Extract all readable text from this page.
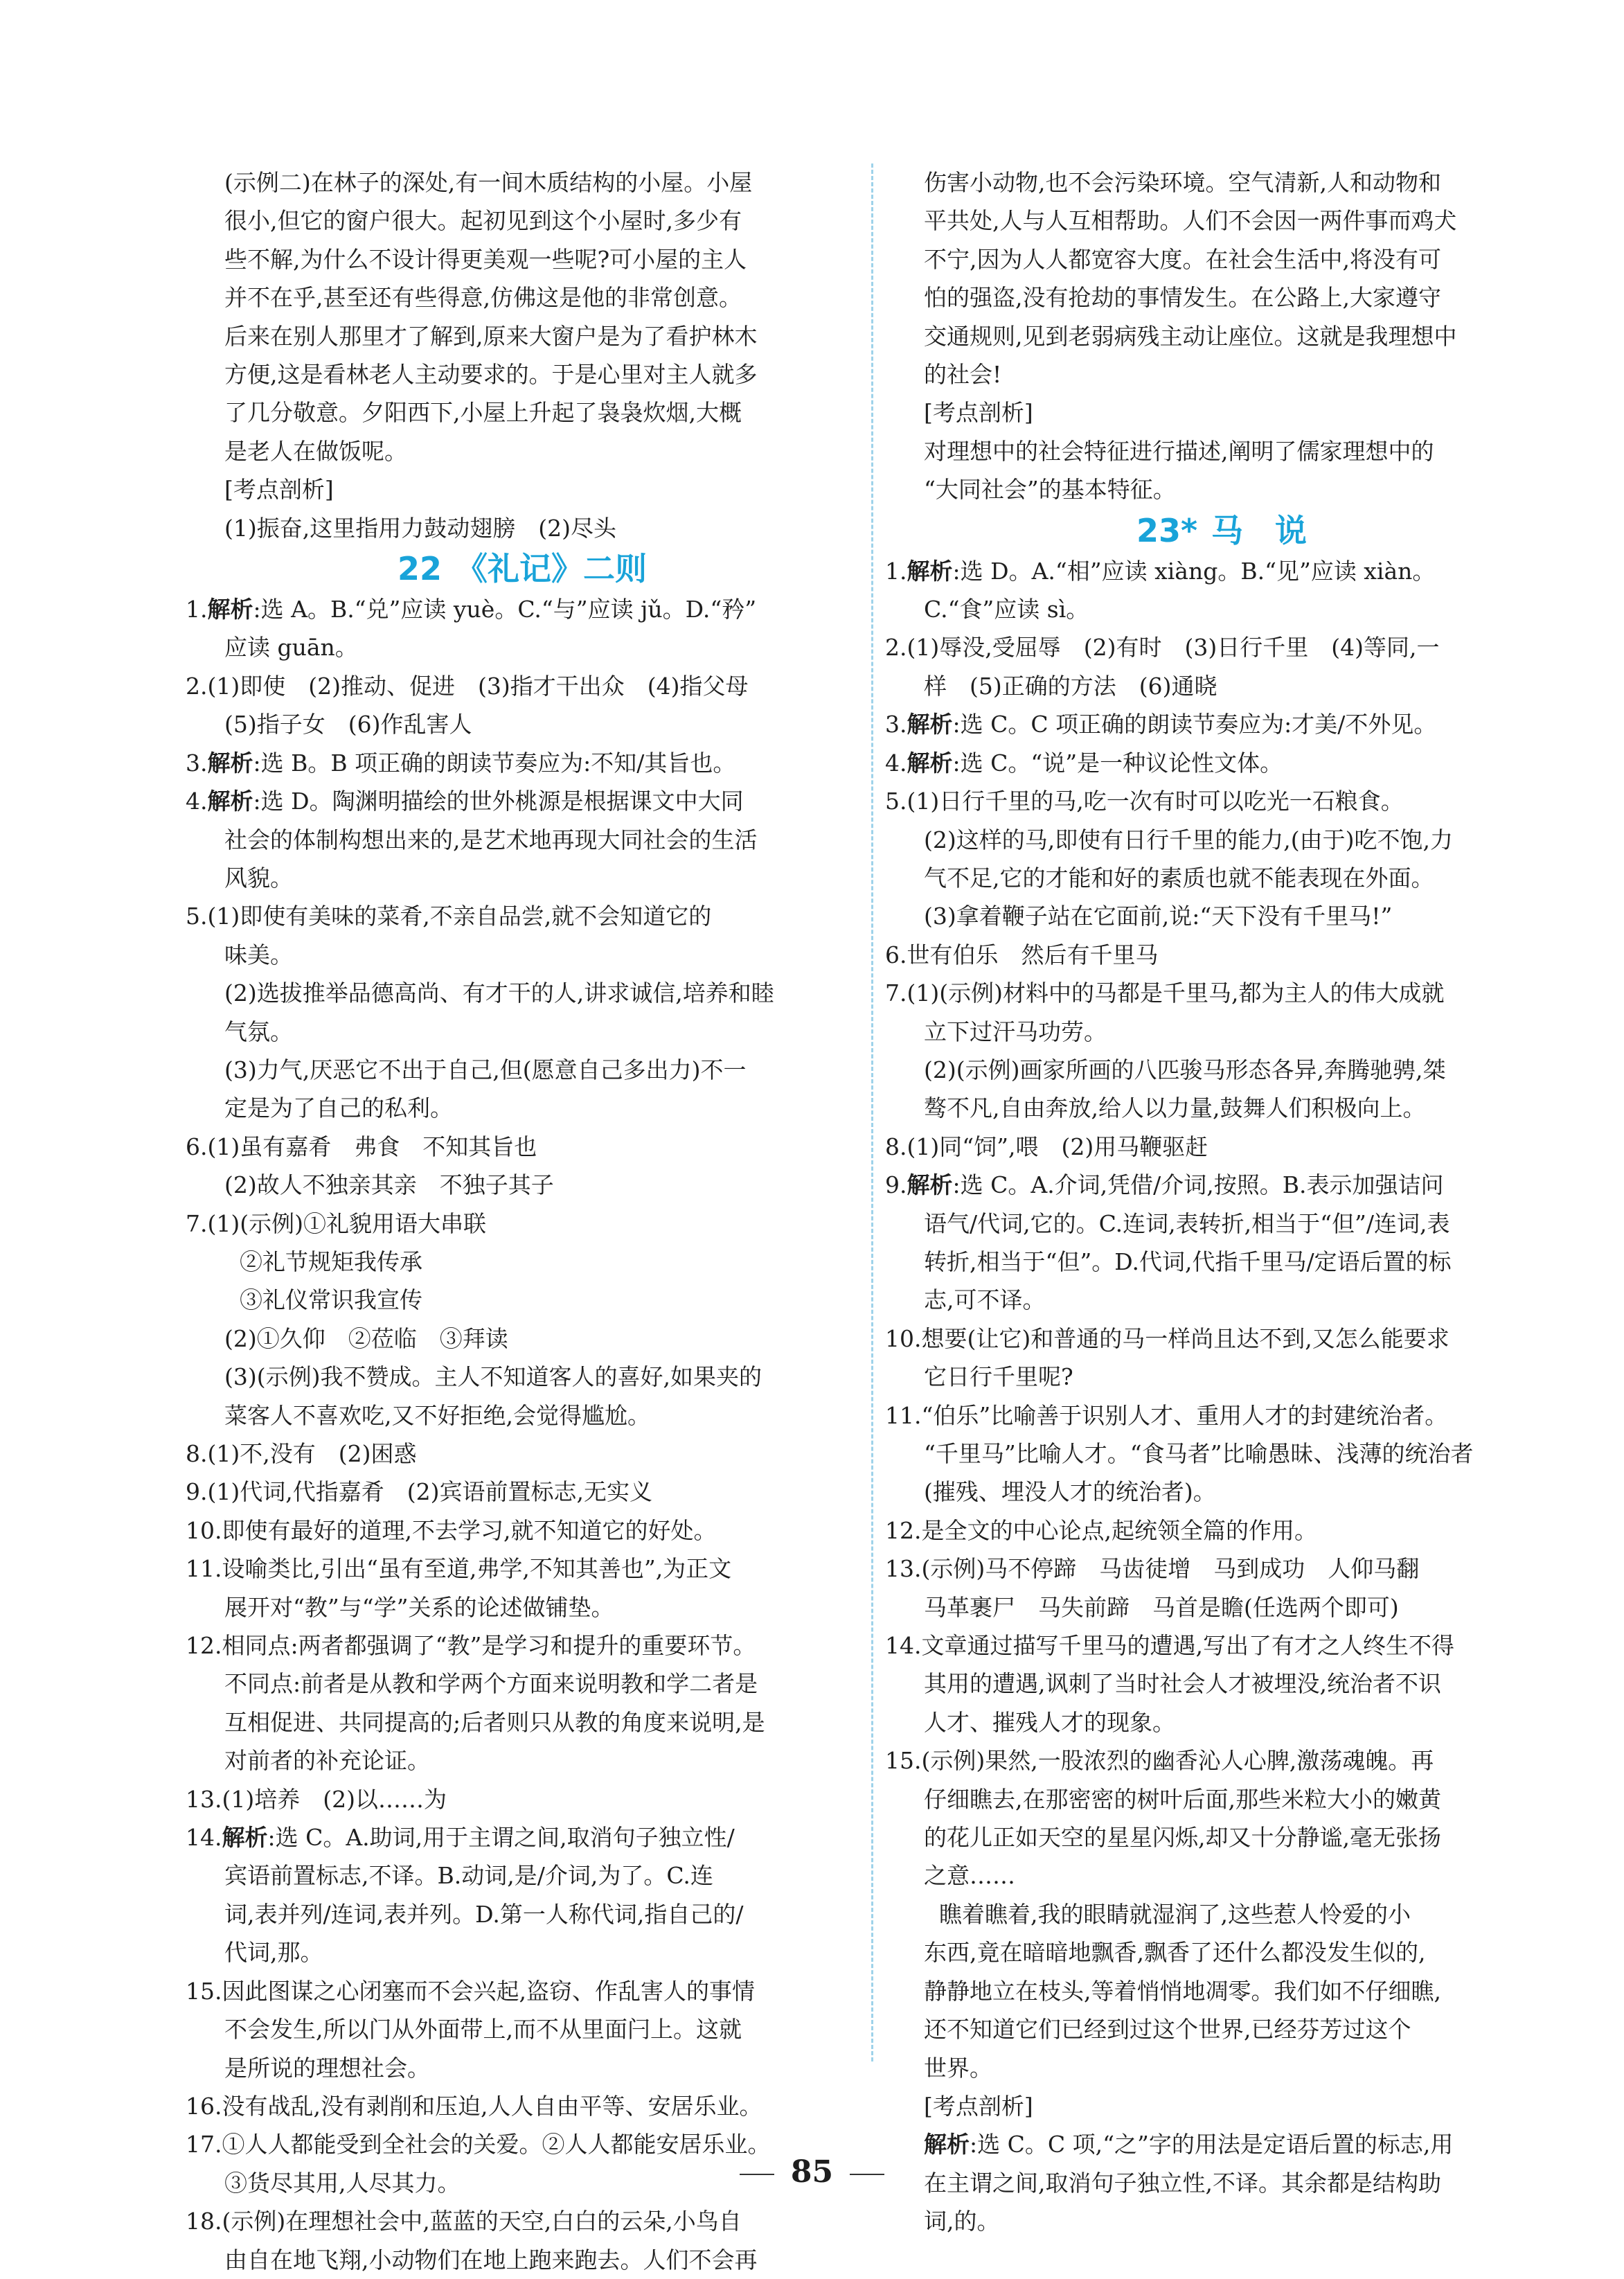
(示例二)在林子的深处,有一间木质结构的小屋。小屋
很小,但它的窗户很大。起初见到这个小屋时,多少有
些不解,为什么不设计得更美观一些呢?可小屋的主人
并不在乎,甚至还有些得意,仿佛这是他的非常创意。
后来在别人那里才了解到,原来大窗户是为了看护林木
方便,这是看林老人主动要求的。于是心里对主人就多
了几分敬意。夕阳西下,小屋上升起了袅袅炊烟,大概
是老人在做饭呢。
[考点剖析]
(1)振奋,这里指用力鼓动翅膀　(2)尽头
22 《礼记》二则
1.解析:选 A。B.“兑”应读 yuè。C.“与”应读 jǔ。D.“矜”
应读 guān。
2.(1)即使　(2)推动、促进　(3)指才干出众　(4)指父母
(5)指子女　(6)作乱害人
3.解析:选 B。B 项正确的朗读节奏应为:不知/其旨也。
4.解析:选 D。陶渊明描绘的世外桃源是根据课文中大同
社会的体制构想出来的,是艺术地再现大同社会的生活
风貌。
5.(1)即使有美味的菜肴,不亲自品尝,就不会知道它的
味美。
(2)选拔推举品德高尚、有才干的人,讲求诚信,培养和睦
气氛。
(3)力气,厌恶它不出于自己,但(愿意自己多出力)不一
定是为了自己的私利。
6.(1)虽有嘉肴　弗食　不知其旨也
(2)故人不独亲其亲　不独子其子
7.(1)(示例)①礼貌用语大串联
②礼节规矩我传承
③礼仪常识我宣传
(2)①久仰　②莅临　③拜读
(3)(示例)我不赞成。主人不知道客人的喜好,如果夹的
菜客人不喜欢吃,又不好拒绝,会觉得尴尬。
8.(1)不,没有　(2)困惑
9.(1)代词,代指嘉肴　(2)宾语前置标志,无实义
10.即使有最好的道理,不去学习,就不知道它的好处。
11.设喻类比,引出“虽有至道,弗学,不知其善也”,为正文
展开对“教”与“学”关系的论述做铺垫。
12.相同点:两者都强调了“教”是学习和提升的重要环节。
不同点:前者是从教和学两个方面来说明教和学二者是
互相促进、共同提高的;后者则只从教的角度来说明,是
对前者的补充论证。
13.(1)培养　(2)以……为　
14.解析:选 C。A.助词,用于主谓之间,取消句子独立性/
宾语前置标志,不译。B.动词,是/介词,为了。C.连
词,表并列/连词,表并列。D.第一人称代词,指自己的/
代词,那。
15.因此图谋之心闭塞而不会兴起,盗窃、作乱害人的事情
不会发生,所以门从外面带上,而不从里面闩上。这就
是所说的理想社会。
16.没有战乱,没有剥削和压迫,人人自由平等、安居乐业。
17.①人人都能受到全社会的关爱。②人人都能安居乐业。
③货尽其用,人尽其力。
18.(示例)在理想社会中,蓝蓝的天空,白白的云朵,小鸟自
由自在地飞翔,小动物们在地上跑来跑去。人们不会再
伤害小动物,也不会污染环境。空气清新,人和动物和
平共处,人与人互相帮助。人们不会因一两件事而鸡犬
不宁,因为人人都宽容大度。在社会生活中,将没有可
怕的强盗,没有抢劫的事情发生。在公路上,大家遵守
交通规则,见到老弱病残主动让座位。这就是我理想中
的社会!
[考点剖析]
对理想中的社会特征进行描述,阐明了儒家理想中的
“大同社会”的基本特征。
23* 马　说
1.解析:选 D。A.“相”应读 xiàng。B.“见”应读 xiàn。
C.“食”应读 sì。
2.(1)辱没,受屈辱　(2)有时　(3)日行千里　(4)等同,一
样　(5)正确的方法　(6)通晓
3.解析:选 C。C 项正确的朗读节奏应为:才美/不外见。
4.解析:选 C。“说”是一种议论性文体。
5.(1)日行千里的马,吃一次有时可以吃光一石粮食。
(2)这样的马,即使有日行千里的能力,(由于)吃不饱,力
气不足,它的才能和好的素质也就不能表现在外面。
(3)拿着鞭子站在它面前,说:“天下没有千里马!”
6.世有伯乐　然后有千里马
7.(1)(示例)材料中的马都是千里马,都为主人的伟大成就
立下过汗马功劳。
(2)(示例)画家所画的八匹骏马形态各异,奔腾驰骋,桀
骜不凡,自由奔放,给人以力量,鼓舞人们积极向上。
8.(1)同“饲”,喂　(2)用马鞭驱赶
9.解析:选 C。A.介词,凭借/介词,按照。B.表示加强诘问
语气/代词,它的。C.连词,表转折,相当于“但”/连词,表
转折,相当于“但”。D.代词,代指千里马/定语后置的标
志,可不译。
10.想要(让它)和普通的马一样尚且达不到,又怎么能要求
它日行千里呢?
11.“伯乐”比喻善于识别人才、重用人才的封建统治者。
“千里马”比喻人才。“食马者”比喻愚昧、浅薄的统治者
(摧残、埋没人才的统治者)。
12.是全文的中心论点,起统领全篇的作用。
13.(示例)马不停蹄　马齿徒增　马到成功　人仰马翻
马革裹尸　马失前蹄　马首是瞻(任选两个即可)
14.文章通过描写千里马的遭遇,写出了有才之人终生不得
其用的遭遇,讽刺了当时社会人才被埋没,统治者不识
人才、摧残人才的现象。
15.(示例)果然,一股浓烈的幽香沁人心脾,激荡魂魄。再
仔细瞧去,在那密密的树叶后面,那些米粒大小的嫩黄
的花儿正如天空的星星闪烁,却又十分静谧,毫无张扬
之意……
瞧着瞧着,我的眼睛就湿润了,这些惹人怜爱的小
东西,竟在暗暗地飘香,飘香了还什么都没发生似的,
静静地立在枝头,等着悄悄地凋零。我们如不仔细瞧,
还不知道它们已经到过这个世界,已经芬芳过这个
世界。
[考点剖析]
解析:选 C。C 项,“之”字的用法是定语后置的标志,用
在主谓之间,取消句子独立性,不译。其余都是结构助
词,的。
85
